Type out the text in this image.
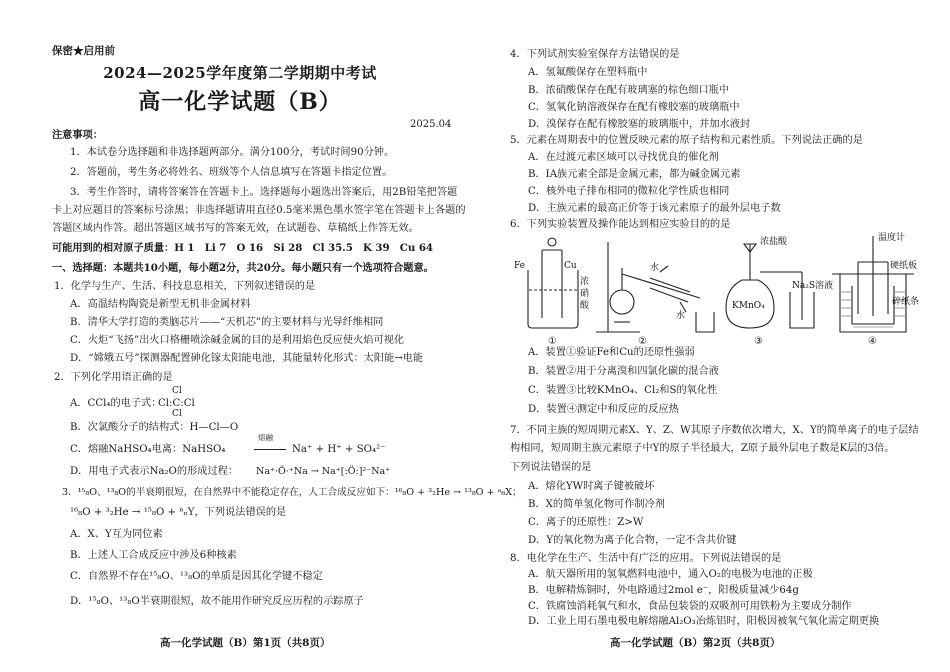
保密★启用前
2024—2025学年度第二学期期中考试
高一化学试题（B）
2025.04
注意事项：
1．本试卷分选择题和非选择题两部分。满分100分，考试时间90分钟。
2．答题前，考生务必将姓名、班级等个人信息填写在答题卡指定位置。
3．考生作答时，请将答案答在答题卡上。选择题每小题选出答案后，用2B铅笔把答题
卡上对应题目的答案标号涂黑；非选择题请用直径0.5毫米黑色墨水签字笔在答题卡上各题的
答题区域内作答。超出答题区域书写的答案无效，在试题卷、草稿纸上作答无效。
可能用到的相对原子质量：H 1　Li 7　O 16　Si 28　Cl 35.5　K 39　Cu 64
一、选择题：本题共10小题，每小题2分，共20分。每小题只有一个选项符合题意。
1．化学与生产、生活、科技息息相关，下列叙述错误的是
A．高温结构陶瓷是新型无机非金属材料
B．清华大学打造的类脑芯片——“天机芯”的主要材料与光导纤维相同
C．火炬“飞扬”出火口格栅喷涂碱金属的目的是利用焰色反应使火焰可视化
D．“嫦娥五号”探测器配置砷化镓太阳能电池，其能量转化形式：太阳能→电能
2．下列化学用语正确的是
A．CCl₄的电子式：
Cl
Cl:C:Cl
Cl
B．次氯酸分子的结构式：H—Cl—O
C．熔融NaHSO₄电离：NaHSO₄
熔融
Na⁺ + H⁺ + SO₄²⁻
D．用电子式表示Na₂O的形成过程： Na⁺·Ö·⁺Na → Na⁺[:Ö:]²⁻Na⁺
3．¹⁵₈O、¹³₈O的半衰期很短，在自然界中不能稳定存在，人工合成反应如下：¹⁶₈O + ³₂He → ¹³₈O + ᵃ₆X；
¹⁶₈O + ³₂He → ¹⁵₈O + ᵇₙY，下列说法错误的是
A．X、Y互为同位素
B．上述人工合成反应中涉及6种核素
C．自然界不存在¹⁵₈O、¹³₈O的单质是因其化学键不稳定
D．¹⁵₈O、¹³₈O半衰期很短，故不能用作研究反应历程的示踪原子
高一化学试题（B）第1页（共8页）
4．下列试剂实验室保存方法错误的是
A．氢氟酸保存在塑料瓶中
B．浓硝酸保存在配有玻璃塞的棕色细口瓶中
C．氢氧化钠溶液保存在配有橡胶塞的玻璃瓶中
D．溴保存在配有橡胶塞的玻璃瓶中，并加水液封
5．元素在周期表中的位置反映元素的原子结构和元素性质。下列说法正确的是
A．在过渡元素区域可以寻找优良的催化剂
B．IA族元素全部是金属元素，都为碱金属元素
C．核外电子排布相同的微粒化学性质也相同
D．主族元素的最高正价等于该元素原子的最外层电子数
6．下列实验装置及操作能达到相应实验目的的是
Fe	Cu
浓
硝
酸
水
水
浓盐酸
KMnO₄
Na₂S溶液
温度计
硬纸板
碎纸条
①	②	③	④
A．装置①验证Fe和Cu的还原性强弱
B．装置②用于分离溴和四氯化碳的混合液
C．装置③比较KMnO₄、Cl₂和S的氧化性
D．装置④测定中和反应的反应热
7．不同主族的短周期元素X、Y、Z、W其原子序数依次增大，X、Y的简单离子的电子层结
构相同，短周期主族元素原子中Y的原子半径最大，Z原子最外层电子数是K层的3倍。
下列说法错误的是
A．熔化YW时离子键被破坏
B．X的简单氢化物可作制冷剂
C．离子的还原性：Z>W
D．Y的氧化物为离子化合物，一定不含共价键
8．电化学在生产、生活中有广泛的应用。下列说法错误的是
A．航天器所用的氢氧燃料电池中，通入O₂的电极为电池的正极
B．电解精炼铜时，外电路通过2mol e⁻，阳极质量减少64g
C．铁腐蚀消耗氧气和水，食品包装袋的双吸剂可用铁粉为主要成分制作
D．工业上用石墨电极电解熔融Al₂O₃冶炼铝时，阳极因被氧气氧化需定期更换
高一化学试题（B）第2页（共8页）
